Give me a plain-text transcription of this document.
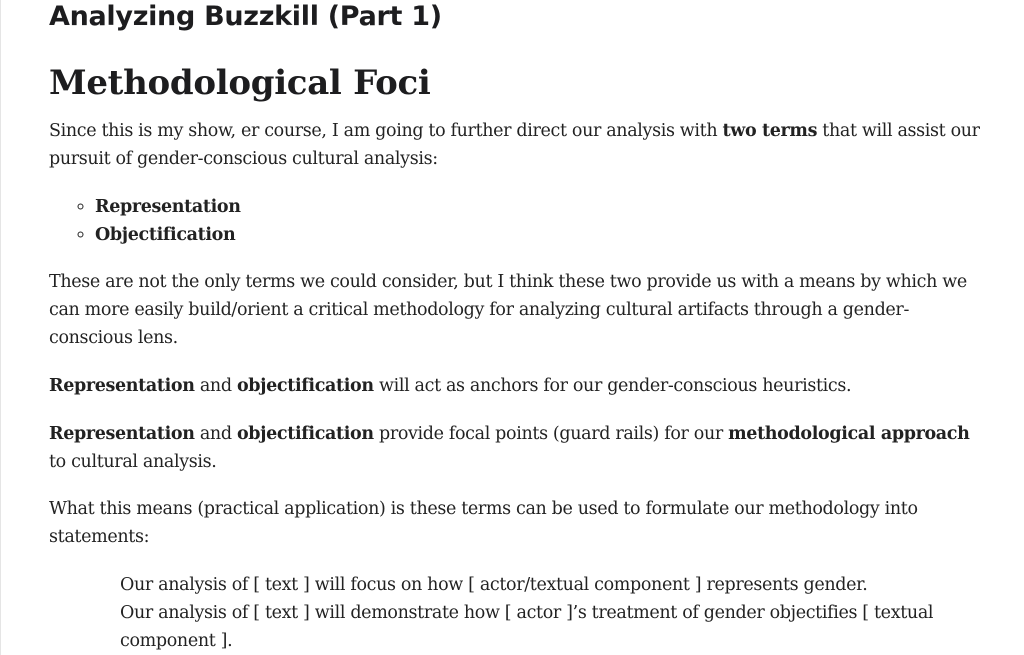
Analyzing Buzzkill (Part 1)
Methodological Foci

Since this is my show, er course, I am going to further direct our analysis with two terms that will assist our pursuit of gender-conscious cultural analysis:

◦ Representation
◦ Objectification

These are not the only terms we could consider, but I think these two provide us with a means by which we can more easily build/orient a critical methodology for analyzing cultural artifacts through a gender-conscious lens.

Representation and objectification will act as anchors for our gender-conscious heuristics.

Representation and objectification provide focal points (guard rails) for our methodological approach to cultural analysis.

What this means (practical application) is these terms can be used to formulate our methodology into statements:

Our analysis of [ text ] will focus on how [ actor/textual component ] represents gender.

Our analysis of [ text ] will demonstrate how [ actor ]’s treatment of gender objectifies [ textual component ].
